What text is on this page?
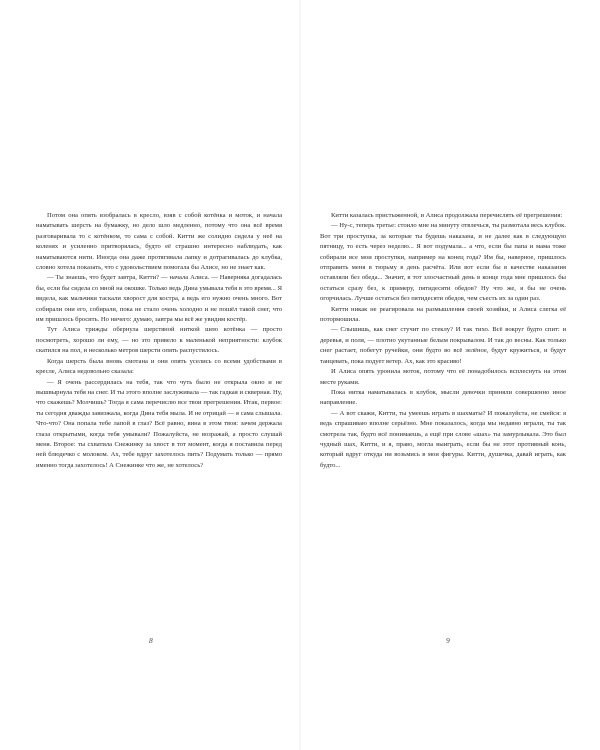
Потом она опять взобралась в кресло, взяв с собой котёнка и моток, и начала наматывать шерсть на бумажку, но дело шло медленно, потому что она всё время разговаривала то с котёнком, то сама с собой. Китти же солидно сидела у неё на коленях и усиленно притворялась, будто её страшно интересно наблюдать, как наматываются нити. Иногда она даже протягивала лапку и дотрагивалась до клубка, словно хотела показать, что с удовольствием помогала бы Алисе, но не знает как.

— Ты знаешь, что будет завтра, Китти? — начала Алиса. — Наверняка догадалась бы, если бы сидела со мной на окошке. Только ведь Дина умывала тебя в это время... Я видела, как мальчики таскали хворост для костра, а ведь его нужно очень много. Вот собирали они его, собирали, пока не стало очень холодно и не пошёл такой снег, что им пришлось бросить. Но ничего: думаю, завтра мы всё же увидим костёр.

Тут Алиса трижды обернула шерстяной ниткой шею котёнка — просто посмотреть, хорошо ли ему, — но это привело к маленькой неприятности: клубок скатился на пол, и несколько метров шерсти опять распустилось.

Когда шерсть была вновь смотана и они опять уселись со всеми удобствами в кресле, Алиса недовольно сказала:

— Я очень рассердилась на тебя, так что чуть было не открыла окно и не вышвырнула тебя на снег. И ты этого вполне заслуживала — так гадкая и скверная. Ну, что скажешь? Молчишь? Тогда я сама перечислю все твои прегрешения. Итак, первое: ты сегодня дважды завизжала, когда Дина тебя мыла. И не отрицай — я сама слышала. Что-что? Она попала тебе лапой в глаз? Всё равно, вина в этом твоя: зачем держала глаза открытыми, когда тебя умывали? Пожалуйста, не возражай, а просто слушай меня. Второе: ты схватила Снежинку за хвост в тот момент, когда я поставила перед ней блюдечко с молоком. Ах, тебе вдруг захотелось пить? Подумать только — прямо именно тогда захотелось! А Снежинке что же, не хотелось?

8

Китти казалась пристыженной, и Алиса продолжала перечислять её прегрешения:

— Ну-с, теперь третье: стоило мне на минуту отвлечься, ты размотала весь клубок. Вот три проступка, за которые ты будешь наказана, и не далее как в следующую пятницу, то есть через неделю... Я вот подумала... а что, если бы папа и мама тоже собирали все мои проступки, например на конец года? Им бы, наверное, пришлось отправить меня в тюрьму в день расчёта. Или вот если бы в качестве наказания оставляли без обеда... Значит, в тот злосчастный день в конце года мне пришлось бы остаться сразу без, к примеру, пятидесяти обедов? Ну что же, я бы не очень огорчилась. Лучше остаться без пятидесяти обедов, чем съесть их за один раз.

Китти никак не реагировала на размышления своей хозяйки, и Алиса слегка её потормошила.

— Слышишь, как снег стучит по стеклу? И так тихо. Всё вокруг будто спит: и деревья, и поля, — плотно укутанные белым покрывалом. И так до весны. Как только снег растает, побегут ручейки, они будто во всё зелёное, будут кружиться, и будут танцевать, пока подует ветер. Ах, как это красиво!

И Алиса опять уронила моток, потому что её понадобилось всплеснуть на этом месте руками.

Пока нитка наматывалась в клубок, мысли девочки приняли совершенно иное направление.

— А вот скажи, Китти, ты умеешь играть в шахматы? И пожалуйста, не смейся: я ведь спрашиваю вполне серьёзно. Мне показалось, когда мы недавно играли, ты так смотрела так, будто всё понимаешь, а ещё при слове «шах» ты замурлыкала. Это был чудный шах, Китти, и я, право, могла выиграть, если бы не этот противный конь, который вдруг откуда ни возьмись в мои фигуры. Китти, душечка, давай играть, как будто...

9
